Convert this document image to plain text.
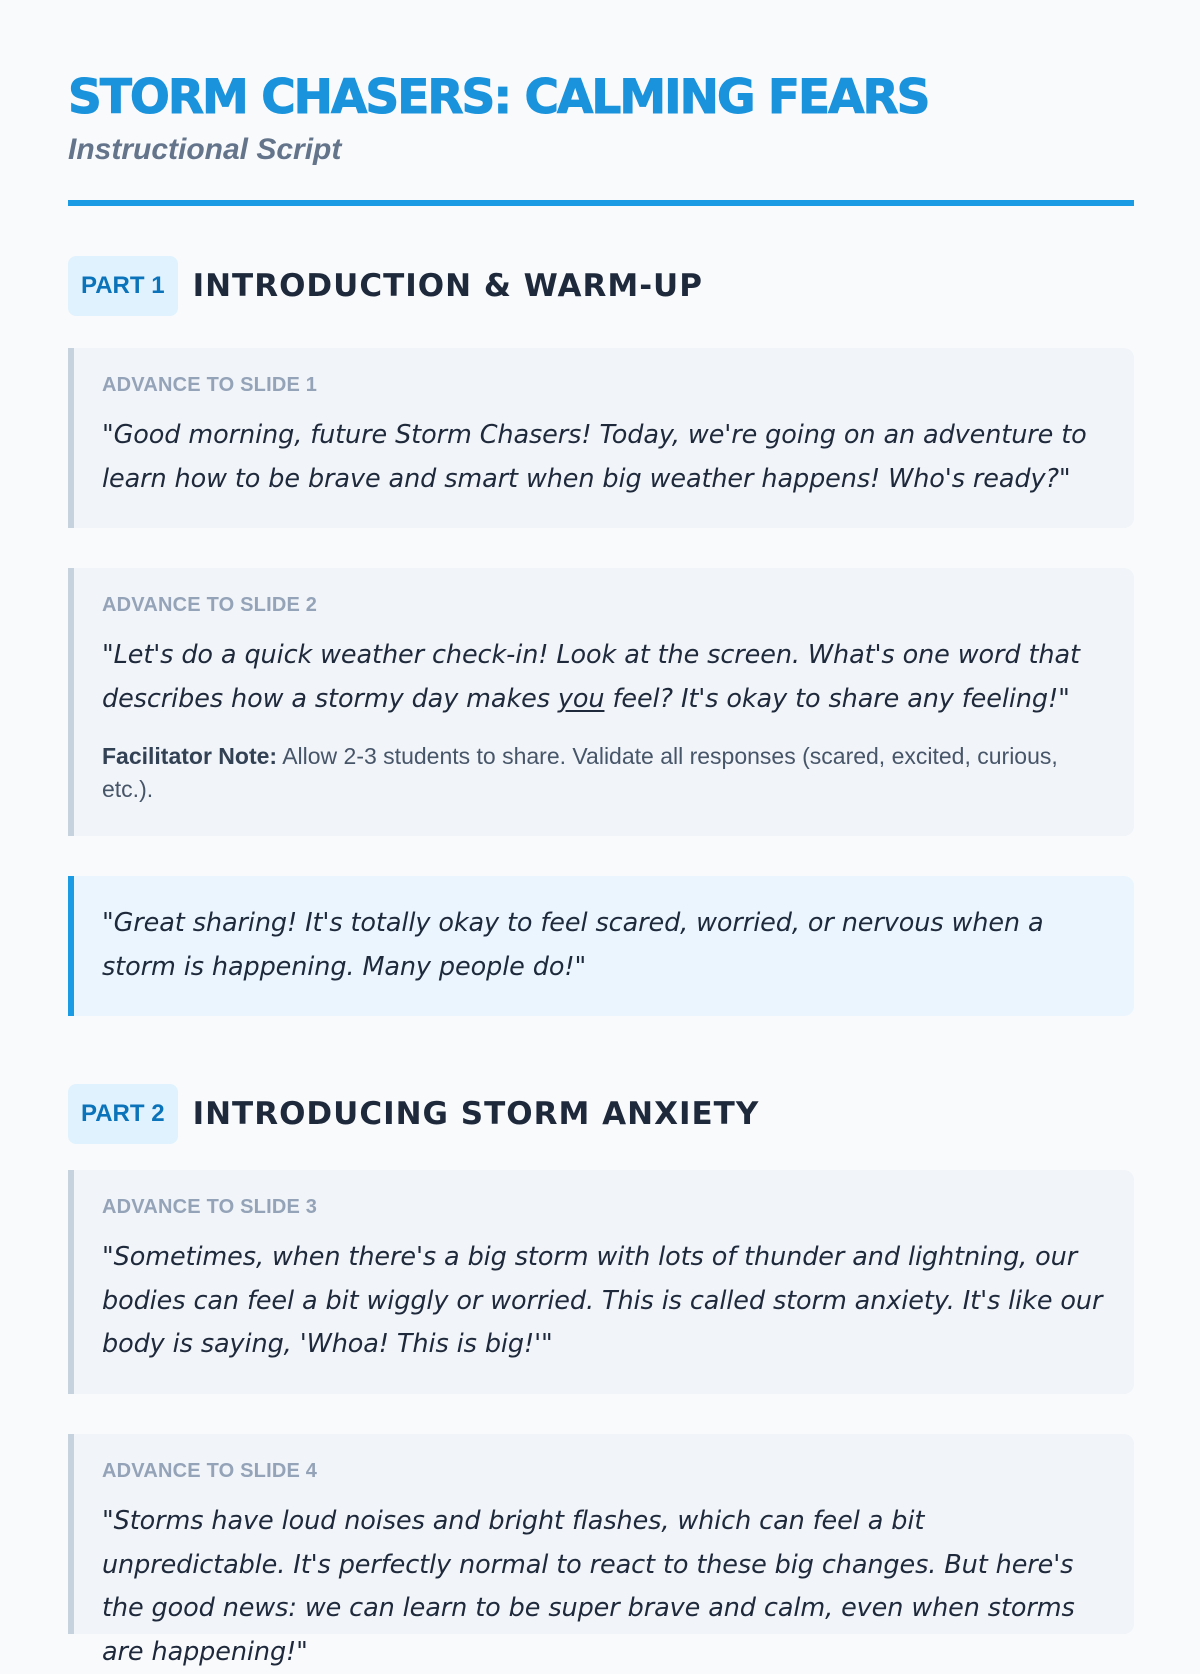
STORM CHASERS: CALMING FEARS
Instructional Script
PART 1 INTRODUCTION & WARM-UP
ADVANCE TO SLIDE 1
"Good morning, future Storm Chasers! Today, we're going on an adventure to learn how to be brave and smart when big weather happens! Who's ready?"
ADVANCE TO SLIDE 2
"Let's do a quick weather check-in! Look at the screen. What's one word that describes how a stormy day makes you feel? It's okay to share any feeling!"
Facilitator Note: Allow 2-3 students to share. Validate all responses (scared, excited, curious, etc.).
"Great sharing! It's totally okay to feel scared, worried, or nervous when a storm is happening. Many people do!"
PART 2 INTRODUCING STORM ANXIETY
ADVANCE TO SLIDE 3
"Sometimes, when there's a big storm with lots of thunder and lightning, our bodies can feel a bit wiggly or worried. This is called storm anxiety. It's like our body is saying, 'Whoa! This is big!'"
ADVANCE TO SLIDE 4
"Storms have loud noises and bright flashes, which can feel a bit unpredictable. It's perfectly normal to react to these big changes. But here's the good news: we can learn to be super brave and calm, even when storms are happening!"
